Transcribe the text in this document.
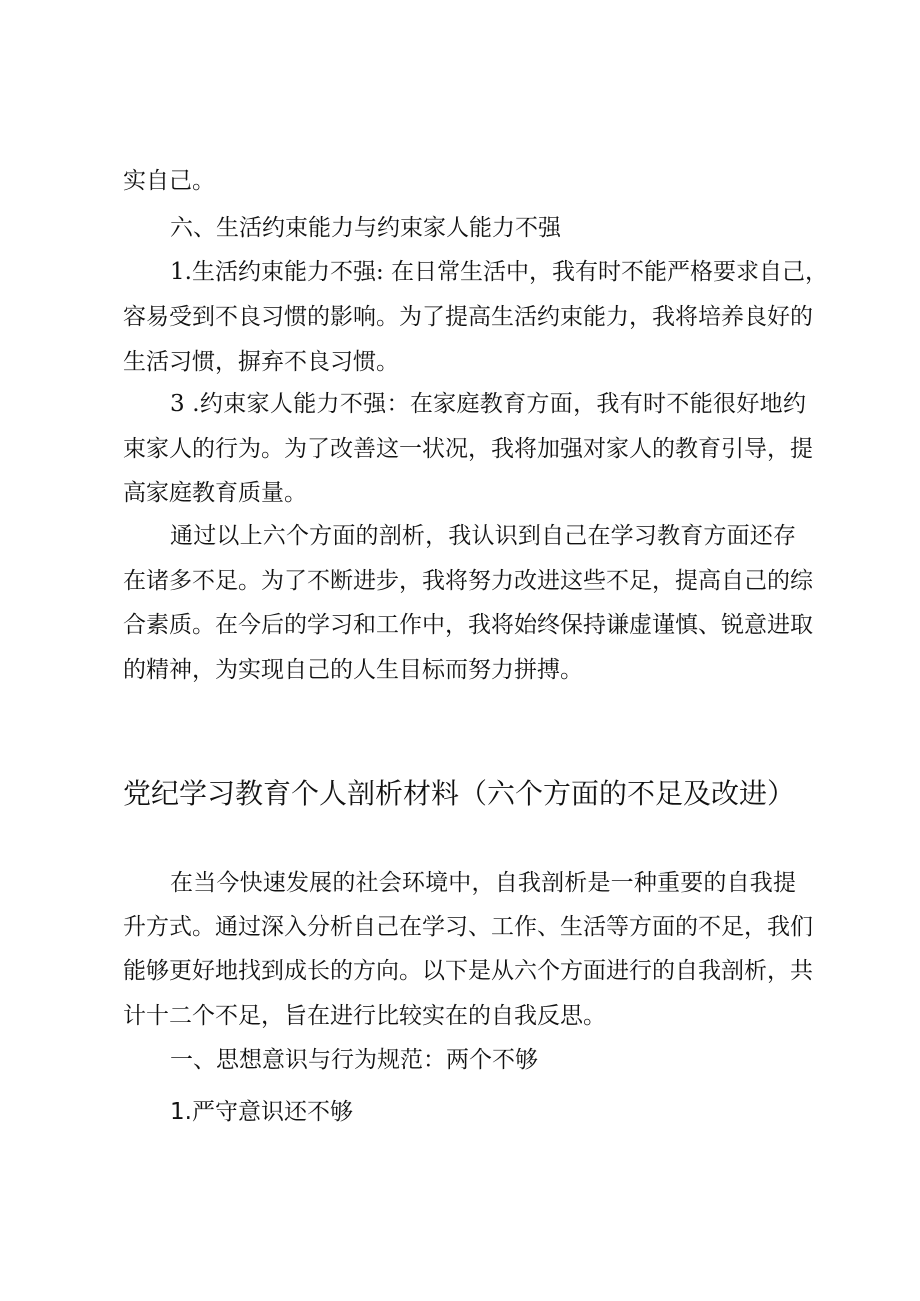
实自己。
六、生活约束能力与约束家人能力不强
1.生活约束能力不强: 在日常生活中，我有时不能严格要求自己，
容易受到不良习惯的影响。为了提高生活约束能力，我将培养良好的
生活习惯，摒弃不良习惯。
3 .约束家人能力不强：在家庭教育方面，我有时不能很好地约
束家人的行为。为了改善这一状况，我将加强对家人的教育引导，提
高家庭教育质量。
通过以上六个方面的剖析，我认识到自己在学习教育方面还存
在诸多不足。为了不断进步，我将努力改进这些不足，提高自己的综
合素质。在今后的学习和工作中，我将始终保持谦虚谨慎、锐意进取
的精神，为实现自己的人生目标而努力拼搏。
党纪学习教育个人剖析材料（六个方面的不足及改进）
在当今快速发展的社会环境中，自我剖析是一种重要的自我提
升方式。通过深入分析自己在学习、工作、生活等方面的不足，我们
能够更好地找到成长的方向。以下是从六个方面进行的自我剖析，共
计十二个不足，旨在进行比较实在的自我反思。
一、思想意识与行为规范：两个不够
1.严守意识还不够
